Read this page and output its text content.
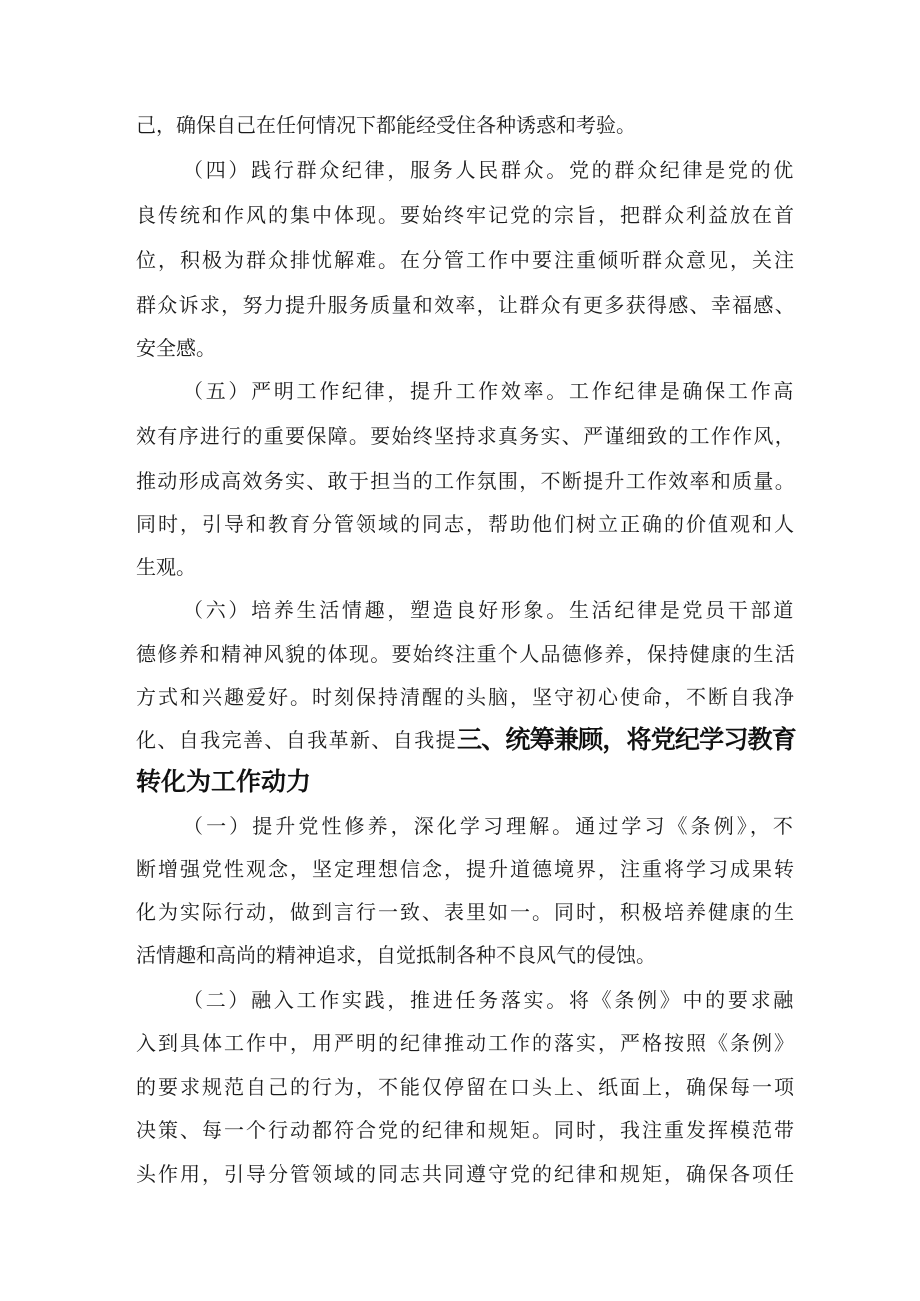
己，确保自己在任何情况下都能经受住各种诱惑和考验。
（四）践行群众纪律，服务人民群众。党的群众纪律是党的优
良传统和作风的集中体现。要始终牢记党的宗旨，把群众利益放在首
位，积极为群众排忧解难。在分管工作中要注重倾听群众意见，关注
群众诉求，努力提升服务质量和效率，让群众有更多获得感、幸福感、
安全感。
（五）严明工作纪律，提升工作效率。工作纪律是确保工作高
效有序进行的重要保障。要始终坚持求真务实、严谨细致的工作作风，
推动形成高效务实、敢于担当的工作氛围，不断提升工作效率和质量。
同时，引导和教育分管领域的同志，帮助他们树立正确的价值观和人
生观。
（六）培养生活情趣，塑造良好形象。生活纪律是党员干部道
德修养和精神风貌的体现。要始终注重个人品德修养，保持健康的生活
方式和兴趣爱好。时刻保持清醒的头脑，坚守初心使命，不断自我净
化、自我完善、自我革新、自我提 三、统筹兼顾，将党纪学习教育
转化为工作动力
（一）提升党性修养，深化学习理解。通过学习《条例》，不
断增强党性观念，坚定理想信念，提升道德境界，注重将学习成果转
化为实际行动，做到言行一致、表里如一。同时，积极培养健康的生
活情趣和高尚的精神追求，自觉抵制各种不良风气的侵蚀。
（二）融入工作实践，推进任务落实。将《条例》中的要求融
入到具体工作中，用严明的纪律推动工作的落实，严格按照《条例》
的要求规范自己的行为，不能仅停留在口头上、纸面上，确保每一项
决策、每一个行动都符合党的纪律和规矩。同时，我注重发挥模范带
头作用，引导分管领域的同志共同遵守党的纪律和规矩，确保各项任
